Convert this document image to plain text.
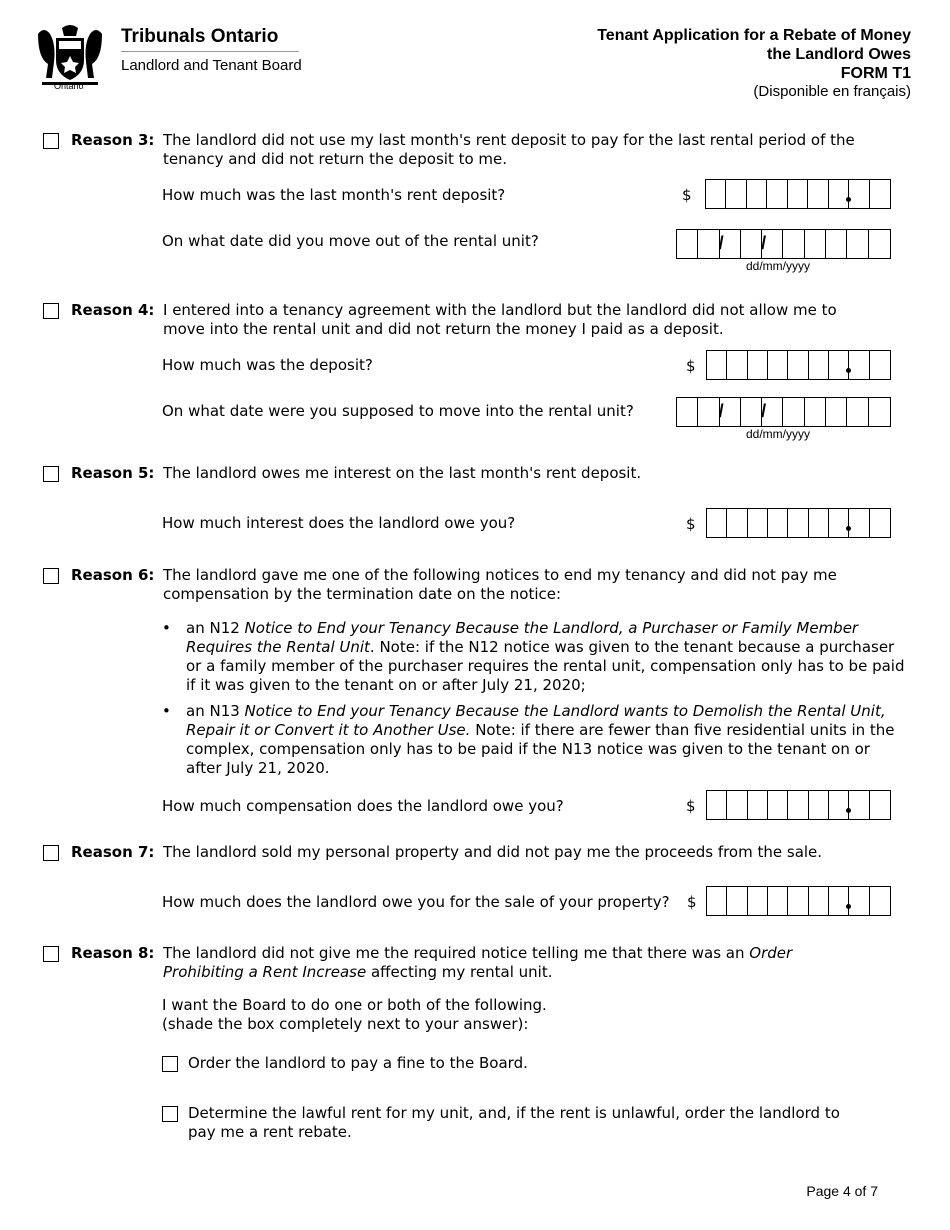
Ontario
Tribunals Ontario
Landlord and Tenant Board
Tenant Application for a Rebate of Money
the Landlord Owes
FORM T1
(Disponible en français)
Reason 3: The landlord did not use my last month's rent deposit to pay for the last rental period of the tenancy and did not return the deposit to me.
How much was the last month's rent deposit?	$
On what date did you move out of the rental unit?
/
/
dd/mm/yyyy
Reason 4: I entered into a tenancy agreement with the landlord but the landlord did not allow me to move into the rental unit and did not return the money I paid as a deposit.
How much was the deposit?	$
On what date were you supposed to move into the rental unit?
/
/
dd/mm/yyyy
Reason 5: The landlord owes me interest on the last month's rent deposit.
How much interest does the landlord owe you?	$
Reason 6: The landlord gave me one of the following notices to end my tenancy and did not pay me compensation by the termination date on the notice:
• an N12 Notice to End your Tenancy Because the Landlord, a Purchaser or Family Member Requires the Rental Unit. Note: if the N12 notice was given to the tenant because a purchaser or a family member of the purchaser requires the rental unit, compensation only has to be paid if it was given to the tenant on or after July 21, 2020;
• an N13 Notice to End your Tenancy Because the Landlord wants to Demolish the Rental Unit, Repair it or Convert it to Another Use. Note: if there are fewer than five residential units in the complex, compensation only has to be paid if the N13 notice was given to the tenant on or after July 21, 2020.
How much compensation does the landlord owe you?	$
Reason 7: The landlord sold my personal property and did not pay me the proceeds from the sale.
How much does the landlord owe you for the sale of your property? $
Reason 8: The landlord did not give me the required notice telling me that there was an Order Prohibiting a Rent Increase affecting my rental unit.
I want the Board to do one or both of the following.
(shade the box completely next to your answer):
Order the landlord to pay a fine to the Board.
Determine the lawful rent for my unit, and, if the rent is unlawful, order the landlord to pay me a rent rebate.
Page 4 of 7
